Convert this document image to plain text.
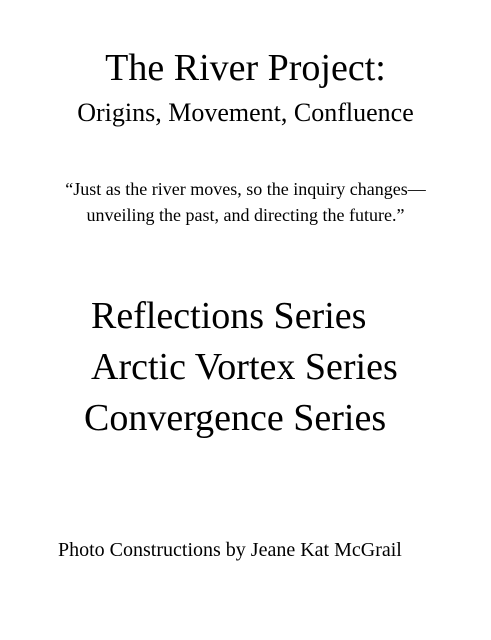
The River Project:
Origins, Movement, Confluence
“Just as the river moves, so the inquiry changes—
unveiling the past, and directing the future.”
Reflections Series
Arctic Vortex Series
Convergence Series
Photo Constructions by Jeane Kat McGrail
